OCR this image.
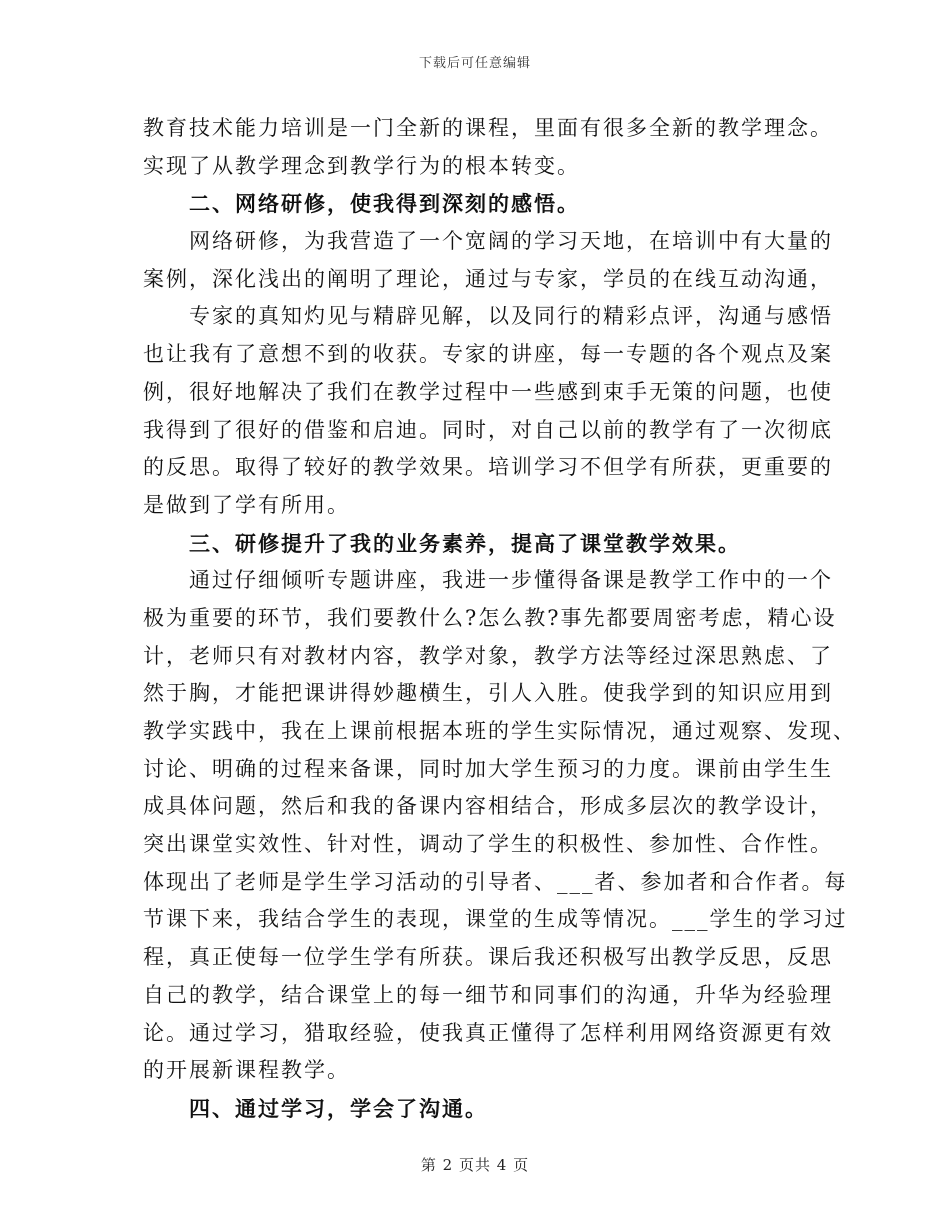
下载后可任意编辑
教育技术能力培训是一门全新的课程，里面有很多全新的教学理念。
实现了从教学理念到教学行为的根本转变。
二、网络研修，使我得到深刻的感悟。
网络研修，为我营造了一个宽阔的学习天地，在培训中有大量的
案例，深化浅出的阐明了理论，通过与专家，学员的在线互动沟通，
专家的真知灼见与精辟见解，以及同行的精彩点评，沟通与感悟
也让我有了意想不到的收获。专家的讲座，每一专题的各个观点及案
例，很好地解决了我们在教学过程中一些感到束手无策的问题，也使
我得到了很好的借鉴和启迪。同时，对自己以前的教学有了一次彻底
的反思。取得了较好的教学效果。培训学习不但学有所获，更重要的
是做到了学有所用。
三、研修提升了我的业务素养，提高了课堂教学效果。
通过仔细倾听专题讲座，我进一步懂得备课是教学工作中的一个
极为重要的环节，我们要教什么?怎么教?事先都要周密考虑，精心设
计，老师只有对教材内容，教学对象，教学方法等经过深思熟虑、了
然于胸，才能把课讲得妙趣横生，引人入胜。使我学到的知识应用到
教学实践中，我在上课前根据本班的学生实际情况，通过观察、发现、
讨论、明确的过程来备课，同时加大学生预习的力度。课前由学生生
成具体问题，然后和我的备课内容相结合，形成多层次的教学设计，
突出课堂实效性、针对性，调动了学生的积极性、参加性、合作性。
体现出了老师是学生学习活动的引导者、___者、参加者和合作者。每
节课下来，我结合学生的表现，课堂的生成等情况。___学生的学习过
程，真正使每一位学生学有所获。课后我还积极写出教学反思，反思
自己的教学，结合课堂上的每一细节和同事们的沟通，升华为经验理
论。通过学习，猎取经验，使我真正懂得了怎样利用网络资源更有效
的开展新课程教学。
四、通过学习，学会了沟通。
第 2 页共 4 页
